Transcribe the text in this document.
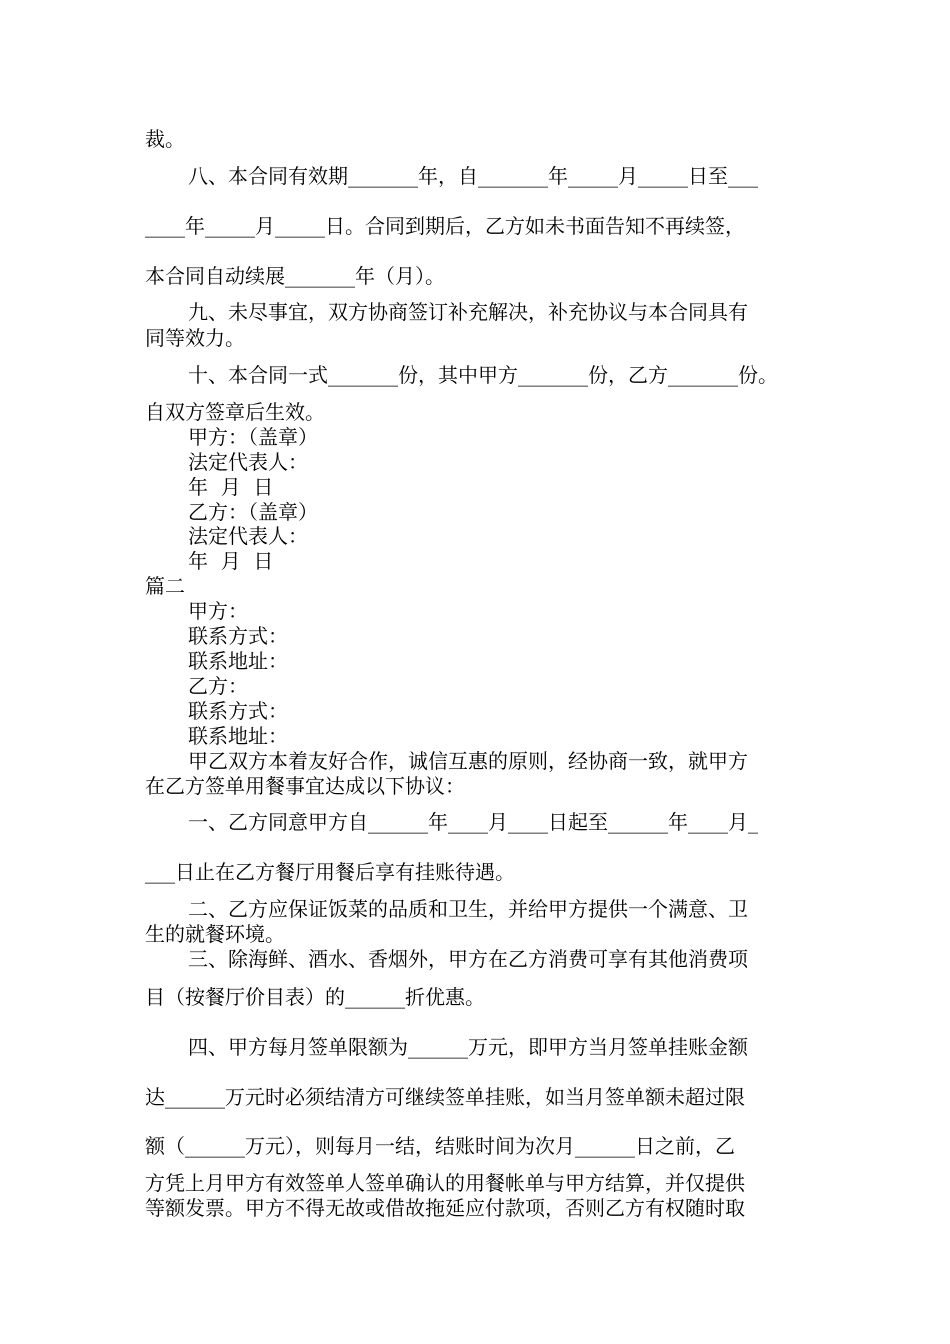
裁。
八、本合同有效期_______年，自_______年_____月_____日至___
____年_____月_____日。合同到期后，乙方如未书面告知不再续签，
本合同自动续展_______年（月）。
九、未尽事宜，双方协商签订补充解决，补充协议与本合同具有
同等效力。
十、本合同一式_______份，其中甲方_______份，乙方_______份。
自双方签章后生效。
甲方：（盖章）
法定代表人：
年  月  日
乙方：（盖章）
法定代表人：
年  月  日
篇二
甲方：
联系方式：
联系地址：
乙方：
联系方式：
联系地址：
甲乙双方本着友好合作，诚信互惠的原则，经协商一致，就甲方
在乙方签单用餐事宜达成以下协议：
一、乙方同意甲方自______年____月____日起至______年____月_
___日止在乙方餐厅用餐后享有挂账待遇。
二、乙方应保证饭菜的品质和卫生，并给甲方提供一个满意、卫
生的就餐环境。
三、除海鲜、酒水、香烟外，甲方在乙方消费可享有其他消费项
目（按餐厅价目表）的______折优惠。
四、甲方每月签单限额为______万元，即甲方当月签单挂账金额
达______万元时必须结清方可继续签单挂账，如当月签单额未超过限
额（______万元），则每月一结，结账时间为次月______日之前，乙
方凭上月甲方有效签单人签单确认的用餐帐单与甲方结算，并仅提供
等额发票。甲方不得无故或借故拖延应付款项，否则乙方有权随时取
